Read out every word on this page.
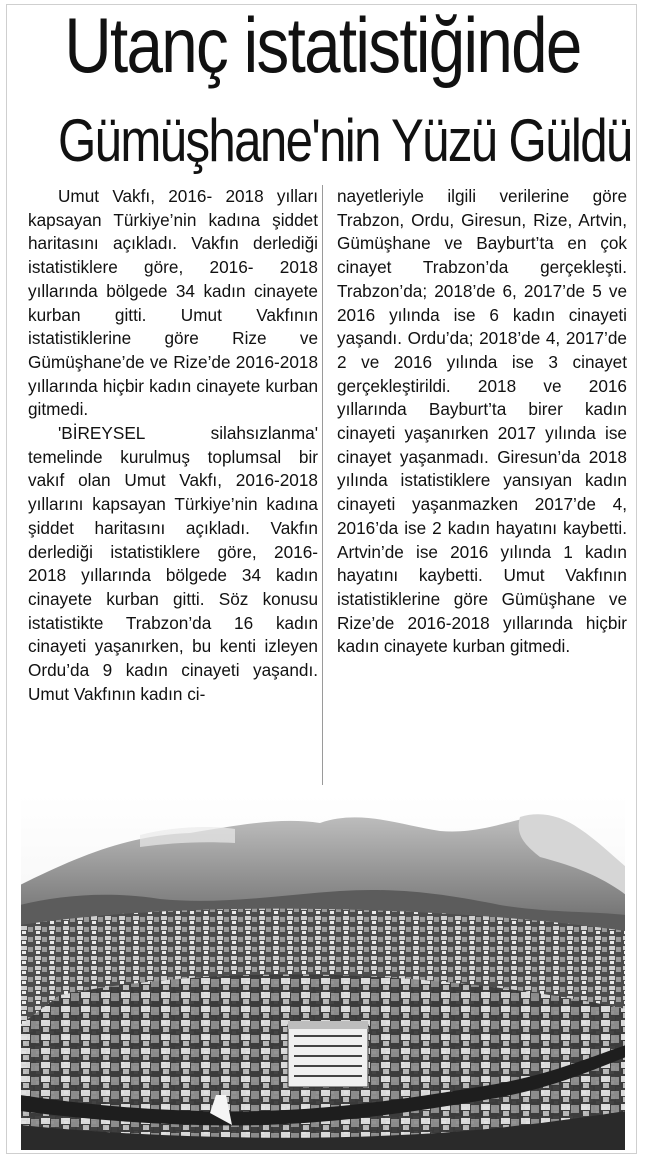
Utanç istatistiğinde
Gümüşhane'nin Yüzü Güldü

Umut Vakfı, 2016- 2018 yılları kapsayan Türkiye’nin kadına şiddet haritasını açıkladı. Vakfın derlediği istatistiklere göre, 2016- 2018 yıllarında bölgede 34 kadın cinayete kurban gitti. Umut Vakfının istatistiklerine göre Rize ve Gümüşhane’de ve Rize’de 2016-2018 yıllarında hiçbir kadın cinayete kurban gitmedi.

'BİREYSEL silahsızlanma' temelinde kurulmuş toplumsal bir vakıf olan Umut Vakfı, 2016-2018 yıllarını kapsayan Türkiye’nin kadına şiddet haritasını açıkladı. Vakfın derlediği istatistiklere göre, 2016- 2018 yıllarında bölgede 34 kadın cinayete kurban gitti. Söz konusu istatistikte Trabzon’da 16 kadın cinayeti yaşanırken, bu kenti izleyen Ordu’da 9 kadın cinayeti yaşandı. Umut Vakfının kadın ci-

nayetleriyle ilgili verilerine göre Trabzon, Ordu, Giresun, Rize, Artvin, Gümüşhane ve Bayburt’ta en çok cinayet Trabzon’da gerçekleşti. Trabzon’da; 2018’de 6, 2017’de 5 ve 2016 yılında ise 6 kadın cinayeti yaşandı. Ordu’da; 2018’de 4, 2017’de 2 ve 2016 yılında ise 3 cinayet gerçekleştirildi. 2018 ve 2016 yıllarında Bayburt’ta birer kadın cinayeti yaşanırken 2017 yılında ise cinayet yaşanmadı. Giresun’da 2018 yılında istatistiklere yansıyan kadın cinayeti yaşanmazken 2017’de 4, 2016’da ise 2 kadın hayatını kaybetti. Artvin’de ise 2016 yılında 1 kadın hayatını kaybetti. Umut Vakfının istatistiklerine göre Gümüşhane ve Rize’de 2016-2018 yıllarında hiçbir kadın cinayete kurban gitmedi.
